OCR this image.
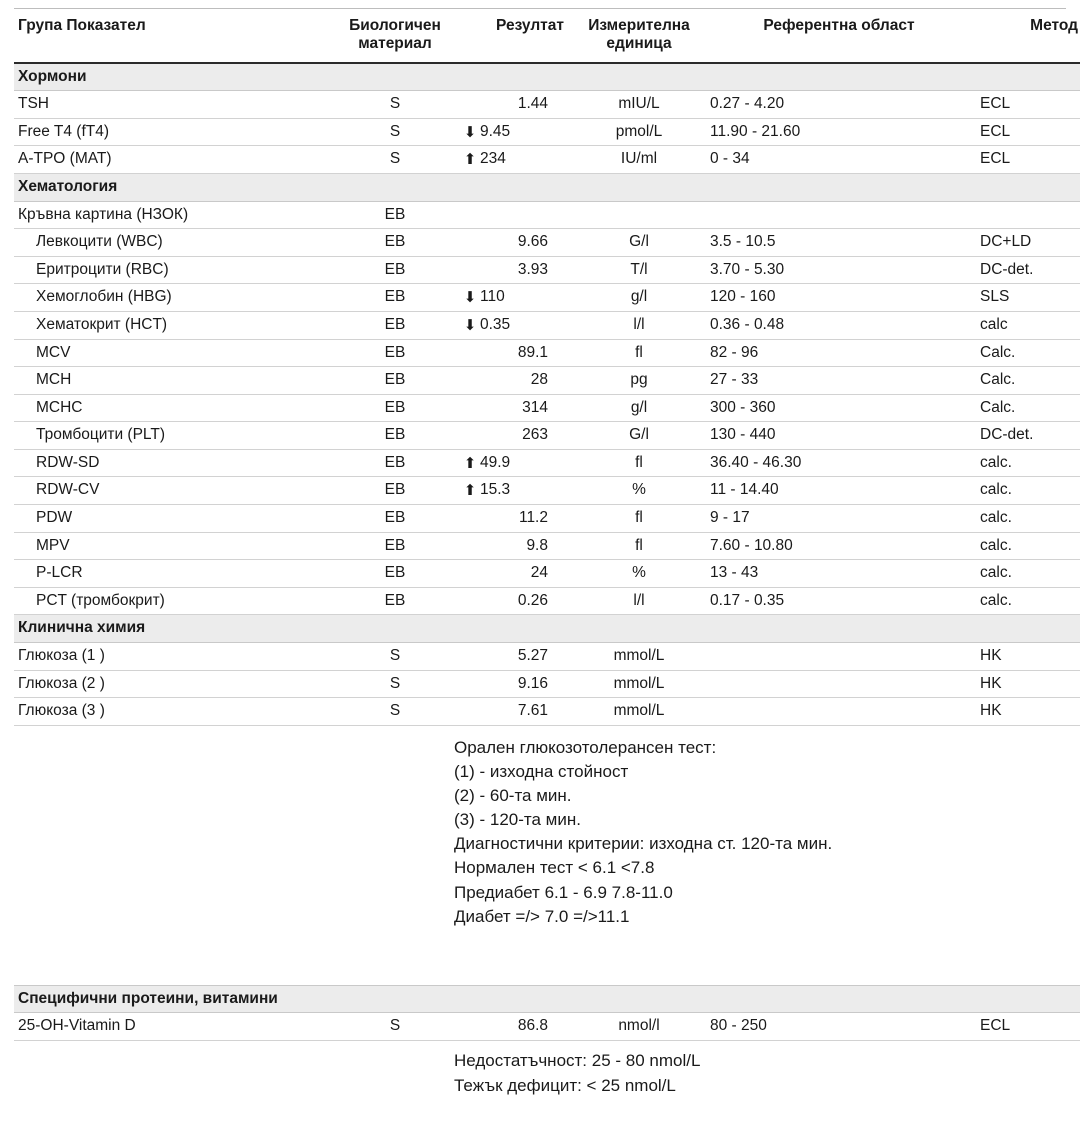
Група Показател	Биологичен
материал	Резултат	Измерителна
единица	Референтна област	Метод
Хормони					
TSH	S	1.44	mIU/L	0.27 - 4.20	ECL
Free T4 (fT4)	S	⬇ 9.45	pmol/L	11.90 - 21.60	ECL
A-TPO (MAT)	S	⬆ 234	IU/ml	0 - 34	ECL
Хематология					
Кръвна картина (НЗОК)	EB	

Левкоцити (WBC)	EB	9.66	G/l	3.5 - 10.5	DC+LD
Еритроцити (RBC)	EB	3.93	T/l	3.70 - 5.30	DC-det.
Хемоглобин (HBG)	EB	⬇ 110	g/l	120 - 160	SLS
Хематокрит (HCT)	EB	⬇ 0.35	l/l	0.36 - 0.48	calc
MCV	EB	89.1	fl	82 - 96	Calc.
MCH	EB	28	pg	27 - 33	Calc.
MCHC	EB	314	g/l	300 - 360	Calc.
Тромбоцити (PLT)	EB	263	G/l	130 - 440	DC-det.
RDW-SD	EB	⬆ 49.9	fl	36.40 - 46.30	calc.
RDW-CV	EB	⬆ 15.3	%	11 - 14.40	calc.
PDW	EB	11.2	fl	9 - 17	calc.
MPV	EB	9.8	fl	7.60 - 10.80	calc.
P-LCR	EB	24	%	13 - 43	calc.
PCT (тромбокрит)	EB	0.26	l/l	0.17 - 0.35	calc.
Клинична химия					
Глюкоза (1 )	S	5.27	mmol/L		HK
Глюкоза (2 )	S	9.16	mmol/L		HK
Глюкоза (3 )	S	7.61	mmol/L		HK

Орален глюкозотолерансен тест:
(1) - изходна стойност
(2) - 60-та мин.
(3) - 120-та мин.
Диагностични критерии: изходна ст. 120-та мин.
Нормален тест < 6.1 <7.8
Предиабет 6.1 - 6.9 7.8-11.0
Диабет =/> 7.0 =/>11.1

Специфични протеини, витамини					
25-OH-Vitamin D	S	86.8	nmol/l	80 - 250	ECL

		Недостатъчност: 25 - 80 nmol/L
Тежък дефицит: < 25 nmol/L			
